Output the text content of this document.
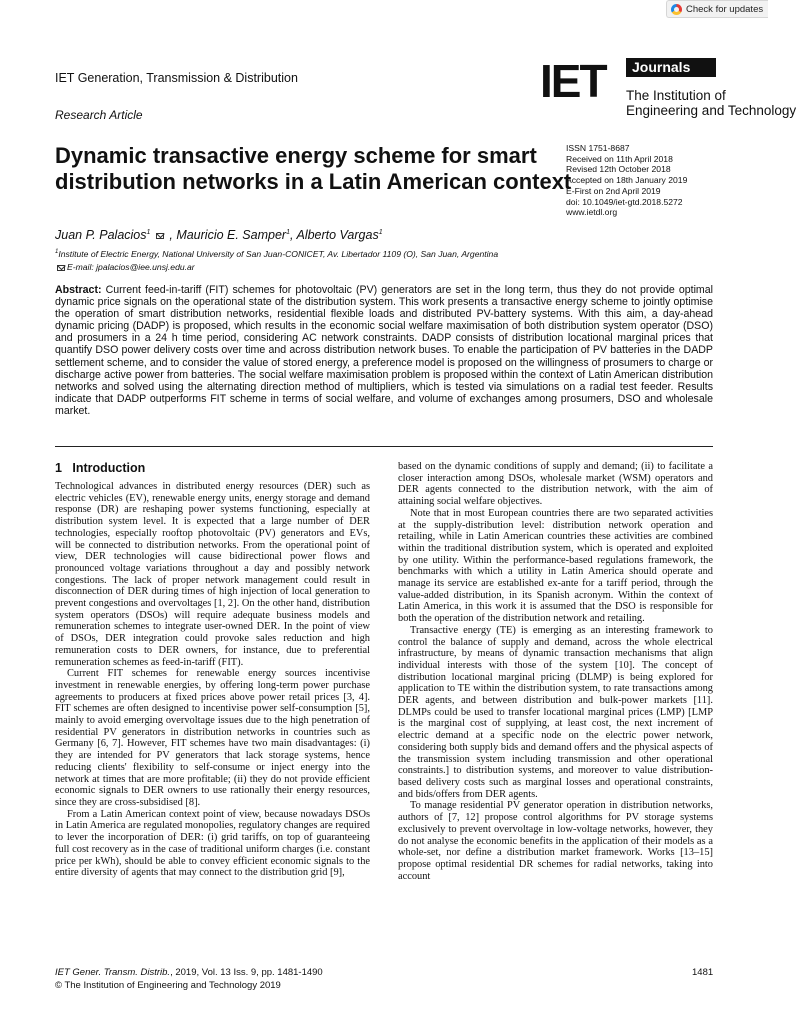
Check for updates
IET Generation, Transmission & Distribution
Research Article
IET	Journals
The Institution of
Engineering and Technology
Dynamic transactive energy scheme for smart distribution networks in a Latin American context
ISSN 1751-8687
Received on 11th April 2018
Revised 12th October 2018
Accepted on 18th January 2019
E-First on 2nd April 2019
doi: 10.1049/iet-gtd.2018.5272
www.ietdl.org
Juan P. Palacios$^1$ , Mauricio E. Samper$^1$, Alberto Vargas$^1$
$^1$Institute of Electric Energy, National University of San Juan-CONICET, Av. Libertador 1109 (O), San Juan, Argentina
E-mail: jpalacios@iee.unsj.edu.ar
Abstract: Current feed-in-tariff (FIT) schemes for photovoltaic (PV) generators are set in the long term, thus they do not provide optimal dynamic price signals on the operational state of the distribution system. This work presents a transactive energy scheme to jointly optimise the operation of smart distribution networks, residential flexible loads and distributed PV-battery systems. With this aim, a day-ahead dynamic pricing (DADP) is proposed, which results in the economic social welfare maximisation of both distribution system operator (DSO) and prosumers in a 24 h time period, considering AC network constraints. DADP consists of distribution locational marginal prices that quantify DSO power delivery costs over time and across distribution network buses. To enable the participation of PV batteries in the DADP settlement scheme, and to consider the value of stored energy, a preference model is proposed on the willingness of prosumers to charge or discharge active power from batteries. The social welfare maximisation problem is proposed within the context of Latin American distribution networks and solved using the alternating direction method of multipliers, which is tested via simulations on a radial test feeder. Results indicate that DADP outperforms FIT scheme in terms of social welfare, and volume of exchanges among prosumers, DSO and wholesale market.
1 Introduction

Technological advances in distributed energy resources (DER) such as electric vehicles (EV), renewable energy units, energy storage and demand response (DR) are reshaping power systems functioning, especially at distribution system level. It is expected that a large number of DER technologies, especially rooftop photovoltaic (PV) generators and EVs, will be connected to distribution networks. From the operational point of view, DER technologies will cause bidirectional power flows and pronounced voltage variations throughout a day and possibly network congestions. The lack of proper network management could result in disconnection of DER during times of high injection of local generation to prevent congestions and overvoltages [1, 2]. On the other hand, distribution system operators (DSOs) will require adequate business models and remuneration schemes to integrate user-owned DER. In the point of view of DSOs, DER integration could provoke sales reduction and high remuneration costs to DER owners, for instance, due to preferential remuneration schemes as feed-in-tariff (FIT).

Current FIT schemes for renewable energy sources incentivise investment in renewable energies, by offering long-term power purchase agreements to producers at fixed prices above power retail prices [3, 4]. FIT schemes are often designed to incentivise power self-consumption [5], mainly to avoid emerging overvoltage issues due to the high penetration of residential PV generators in distribution networks in countries such as Germany [6, 7]. However, FIT schemes have two main disadvantages: (i) they are intended for PV generators that lack storage systems, hence reducing clients' flexibility to self-consume or inject energy into the network at times that are more profitable; (ii) they do not provide efficient economic signals to DER owners to use rationally their energy resources, since they are cross-subsidised [8].

From a Latin American context point of view, because nowadays DSOs in Latin America are regulated monopolies, regulatory changes are required to lever the incorporation of DER: (i) grid tariffs, on top of guaranteeing full cost recovery as in the case of traditional uniform charges (i.e. constant price per kWh), should be able to convey efficient economic signals to the entire diversity of agents that may connect to the distribution grid [9],

based on the dynamic conditions of supply and demand; (ii) to facilitate a closer interaction among DSOs, wholesale market (WSM) operators and DER agents connected to the distribution network, with the aim of attaining social welfare objectives.

Note that in most European countries there are two separated activities at the supply-distribution level: distribution network operation and retailing, while in Latin American countries these activities are combined within the traditional distribution system, which is operated and exploited by one utility. Within the performance-based regulations framework, the benchmarks with which a utility in Latin America should operate and manage its service are established ex-ante for a tariff period, through the value-added distribution, in its Spanish acronym. Within the context of Latin America, in this work it is assumed that the DSO is responsible for both the operation of the distribution network and retailing.

Transactive energy (TE) is emerging as an interesting framework to control the balance of supply and demand, across the whole electrical infrastructure, by means of dynamic transaction mechanisms that align individual interests with those of the system [10]. The concept of distribution locational marginal pricing (DLMP) is being explored for application to TE within the distribution system, to rate transactions among DER agents, and between distribution and bulk-power markets [11]. DLMPs could be used to transfer locational marginal prices (LMP) [LMP is the marginal cost of supplying, at least cost, the next increment of electric demand at a specific node on the electric power network, considering both supply bids and demand offers and the physical aspects of the transmission system including transmission and other operational constraints.] to distribution systems, and moreover to value distribution-based delivery costs such as marginal losses and operational constraints, and bids/offers from DER agents.

To manage residential PV generator operation in distribution networks, authors of [7, 12] propose control algorithms for PV storage systems exclusively to prevent overvoltage in low-voltage networks, however, they do not analyse the economic benefits in the application of their models as a whole-set, nor define a distribution market framework. Works [13–15] propose optimal residential DR schemes for radial networks, taking into account

IET Gener. Transm. Distrib., 2019, Vol. 13 Iss. 9, pp. 1481-1490
© The Institution of Engineering and Technology 2019
1481
